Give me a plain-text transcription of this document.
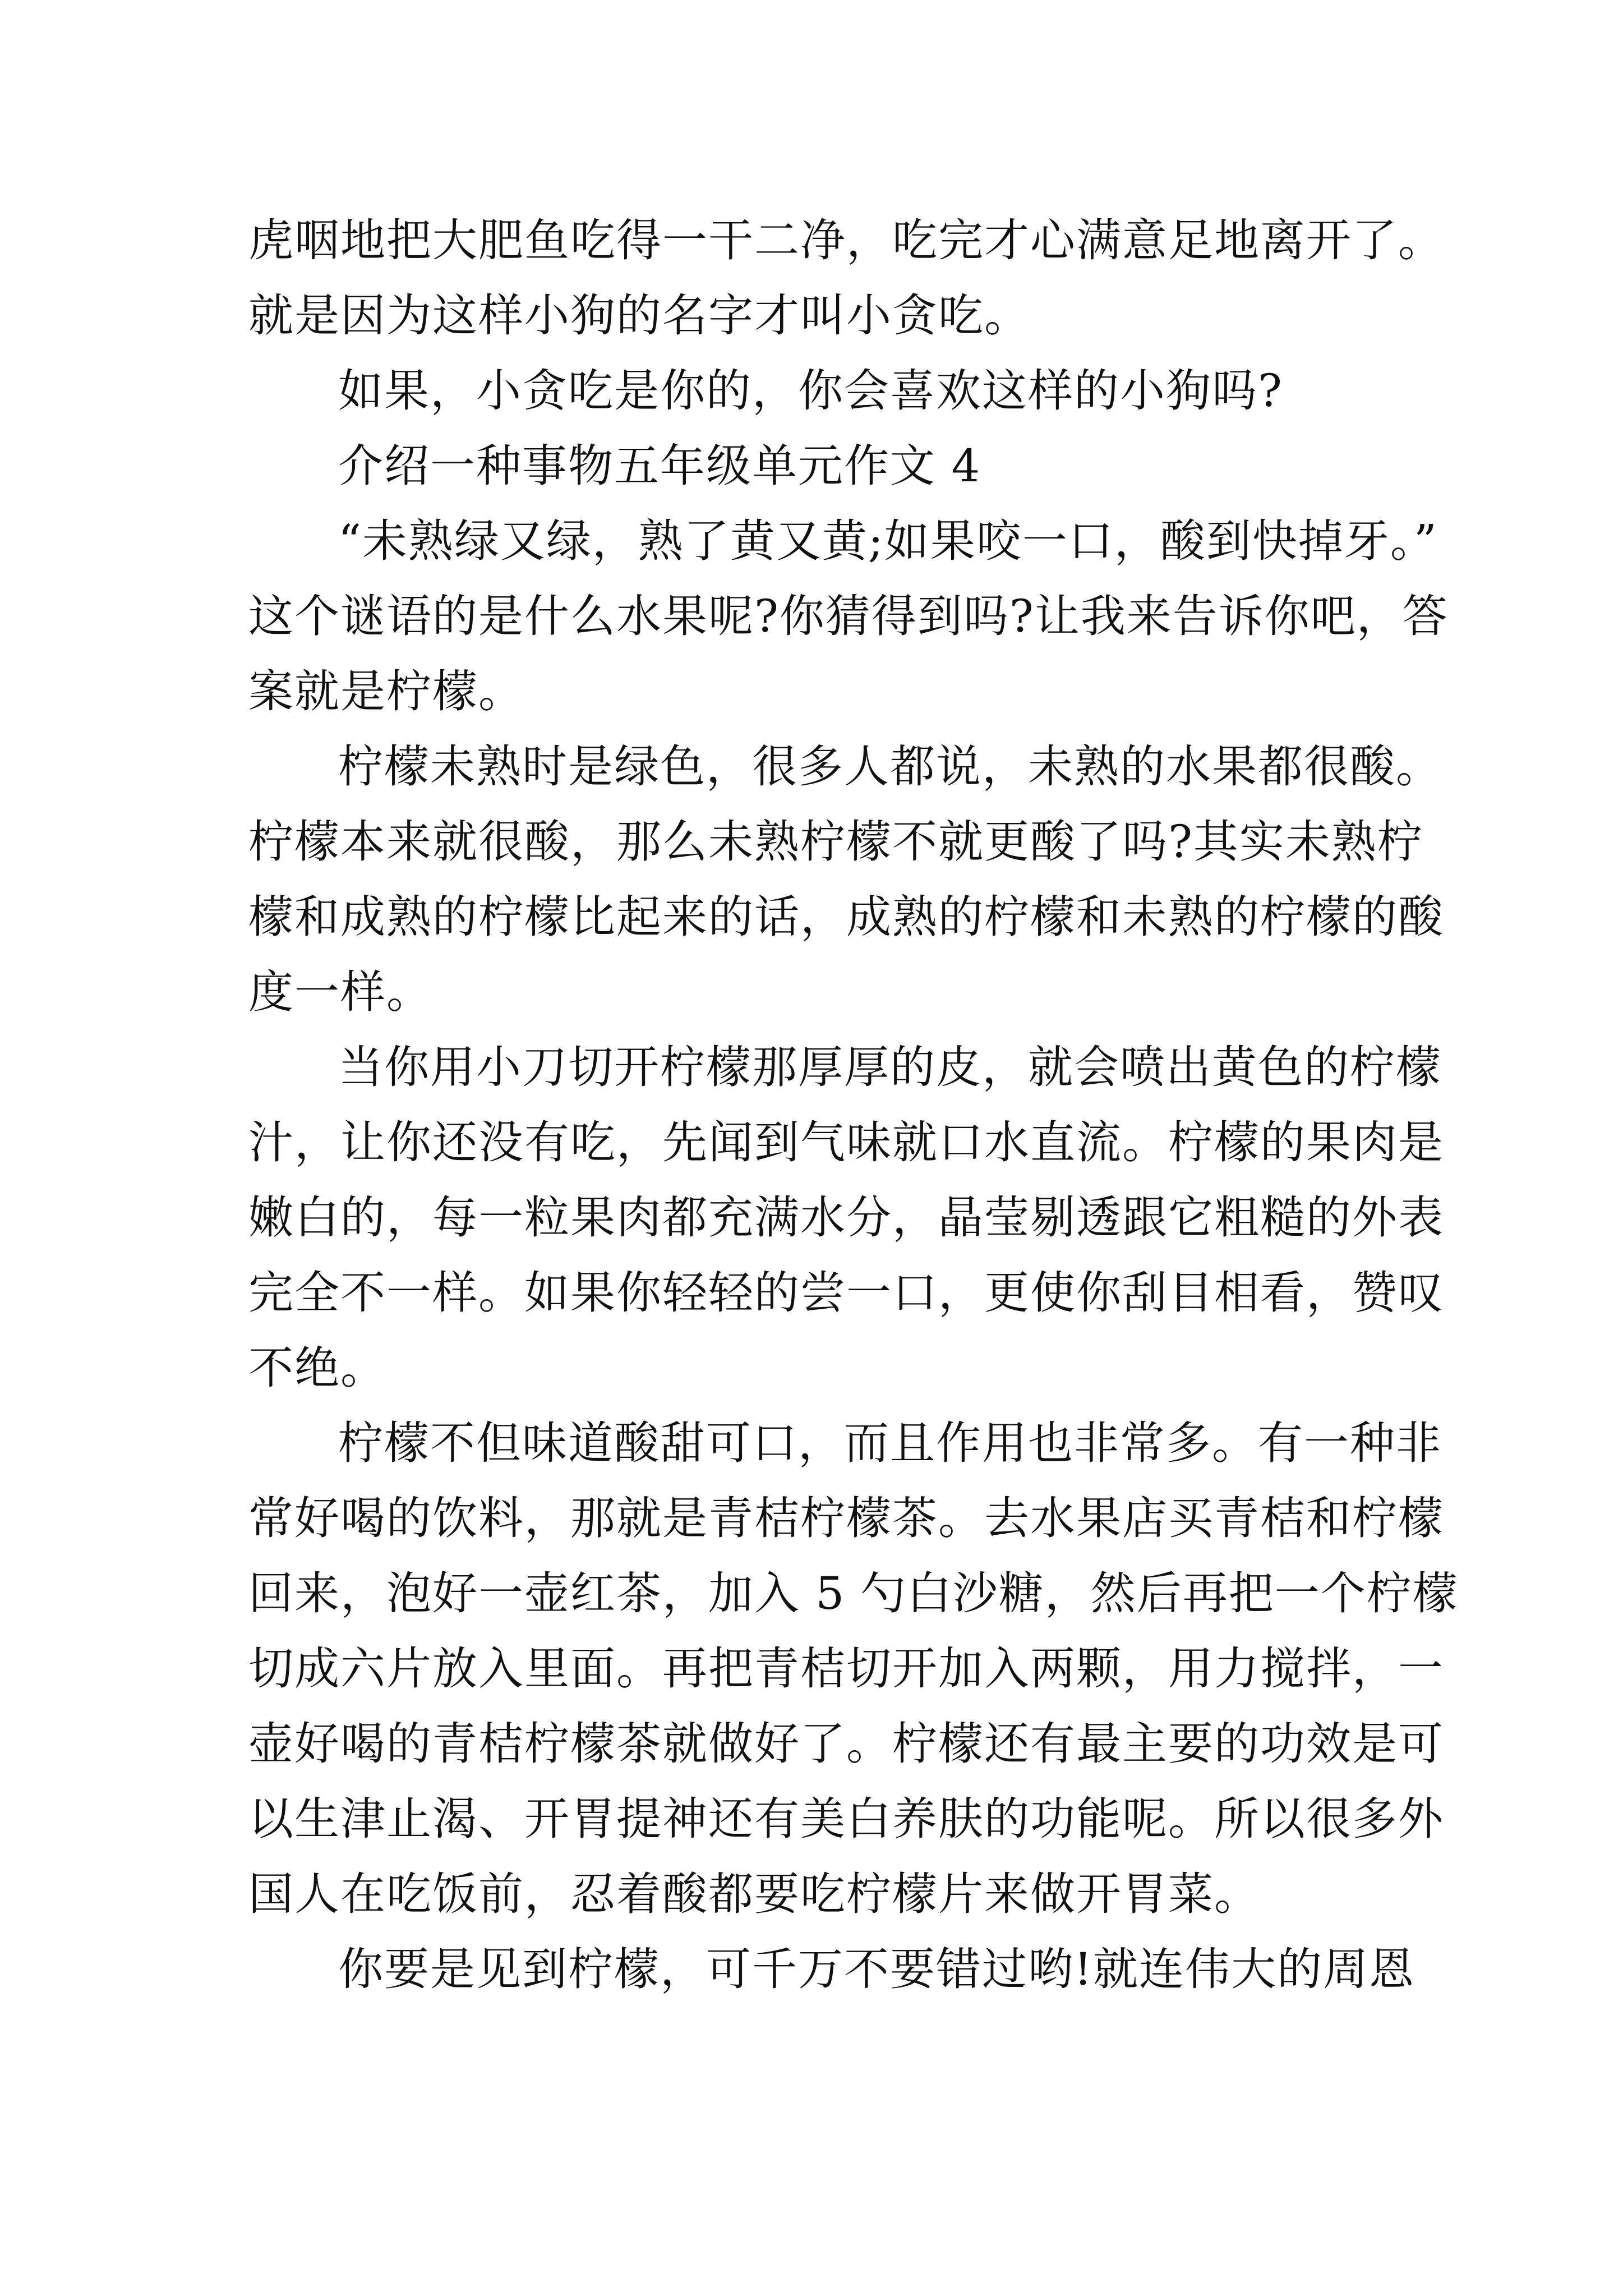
虎咽地把大肥鱼吃得一干二净，吃完才心满意足地离开了。
就是因为这样小狗的名字才叫小贪吃。
如果，小贪吃是你的，你会喜欢这样的小狗吗?
介绍一种事物五年级单元作文 4
“未熟绿又绿，熟了黄又黄;如果咬一口，酸到快掉牙。”
这个谜语的是什么水果呢?你猜得到吗?让我来告诉你吧，答
案就是柠檬。
柠檬未熟时是绿色，很多人都说，未熟的水果都很酸。
柠檬本来就很酸，那么未熟柠檬不就更酸了吗?其实未熟柠
檬和成熟的柠檬比起来的话，成熟的柠檬和未熟的柠檬的酸
度一样。
当你用小刀切开柠檬那厚厚的皮，就会喷出黄色的柠檬
汁，让你还没有吃，先闻到气味就口水直流。柠檬的果肉是
嫩白的，每一粒果肉都充满水分，晶莹剔透跟它粗糙的外表
完全不一样。如果你轻轻的尝一口，更使你刮目相看，赞叹
不绝。
柠檬不但味道酸甜可口，而且作用也非常多。有一种非
常好喝的饮料，那就是青桔柠檬茶。去水果店买青桔和柠檬
回来，泡好一壶红茶，加入 5 勺白沙糖，然后再把一个柠檬
切成六片放入里面。再把青桔切开加入两颗，用力搅拌，一
壶好喝的青桔柠檬茶就做好了。柠檬还有最主要的功效是可
以生津止渴、开胃提神还有美白养肤的功能呢。所以很多外
国人在吃饭前，忍着酸都要吃柠檬片来做开胃菜。
你要是见到柠檬，可千万不要错过哟!就连伟大的周恩
